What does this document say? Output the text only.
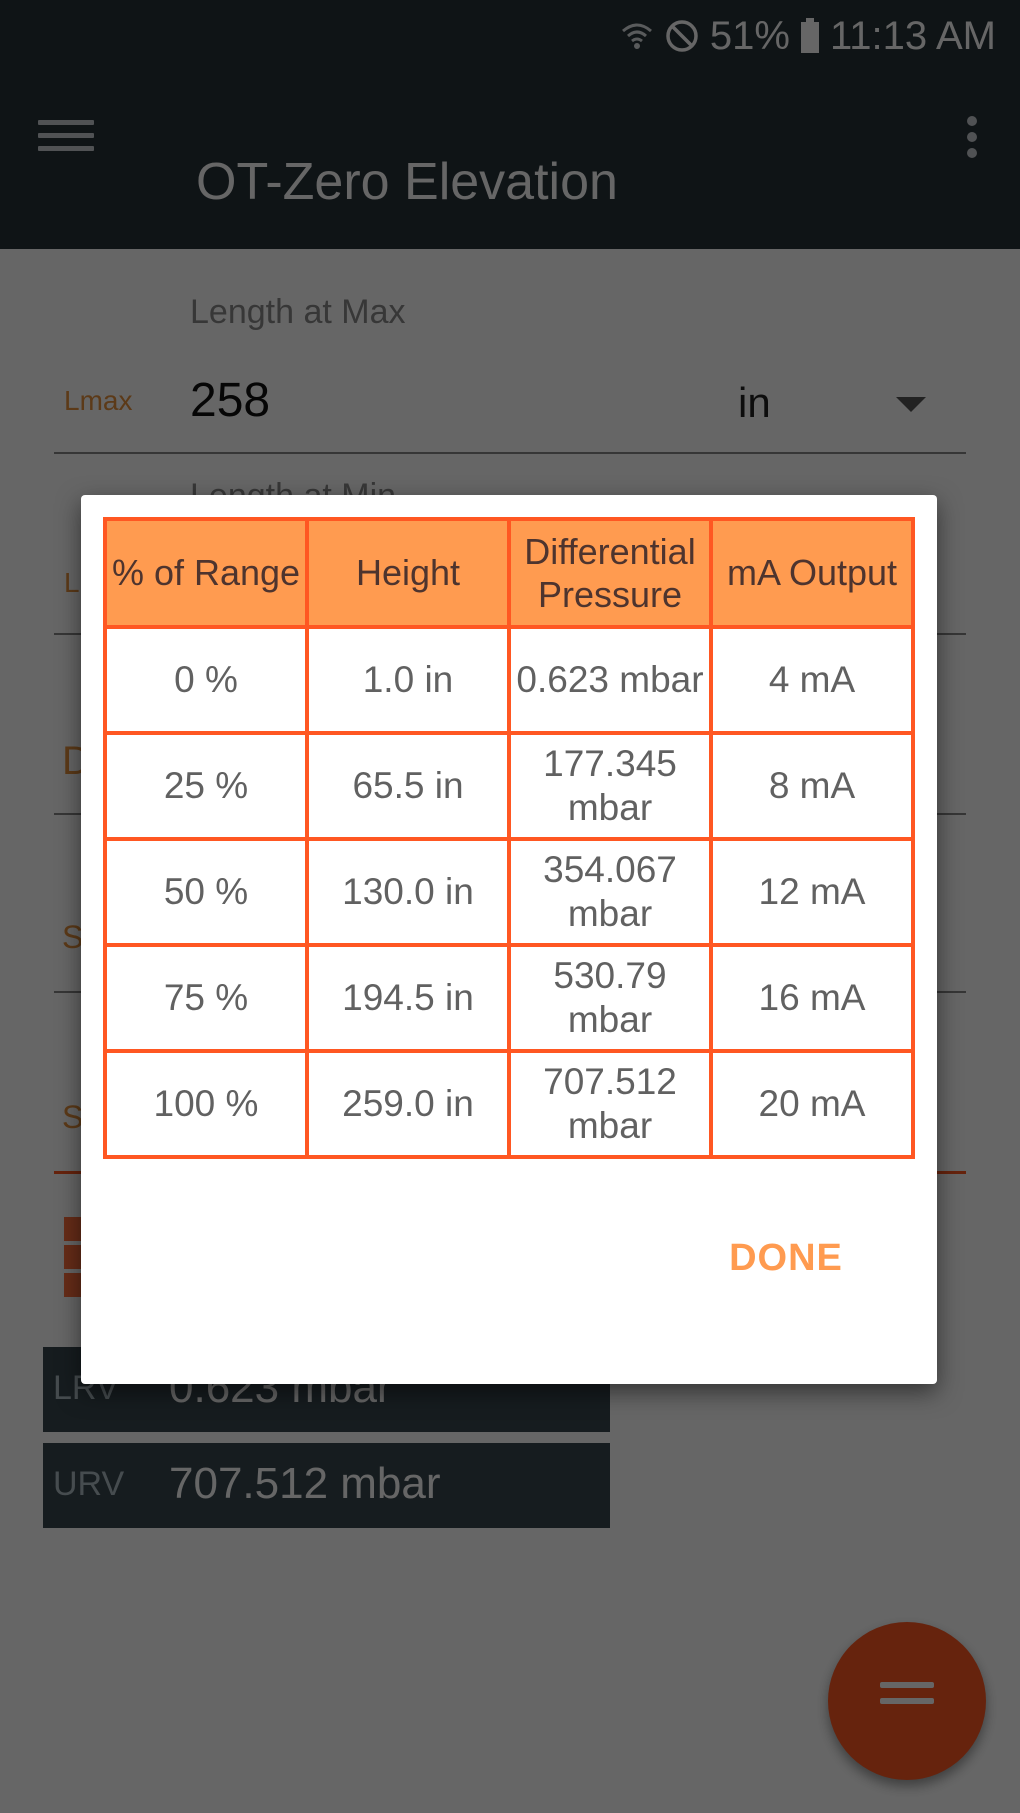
% of Range	Height	Differential Pressure	mA Output
0 %	1.0 in	0.623 mbar	4 mA
25 %	65.5 in	177.345 mbar	8 mA
50 %	130.0 in	354.067 mbar	12 mA
75 %	194.5 in	530.79 mbar	16 mA
100 %	259.0 in	707.512 mbar	20 mA
DONE
